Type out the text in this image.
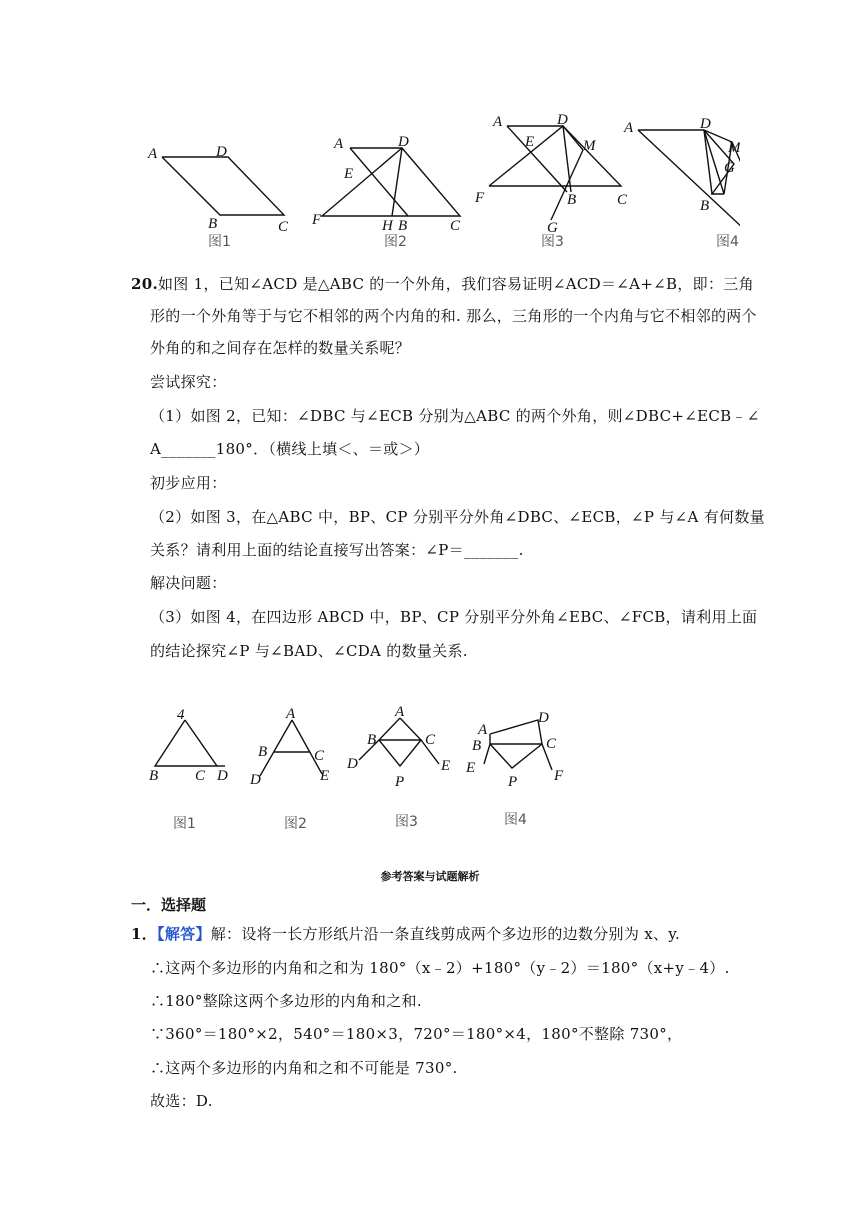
A	D
B	C
图1
A	D
E
F	H B	C
图2
A	D
E	M
F	B	C
G
图3
A	D
M
G
B
图4
20.如图 1，已知∠ACD 是△ABC 的一个外角，我们容易证明∠ACD＝∠A+∠B，即：三角
形的一个外角等于与它不相邻的两个内角的和. 那么，三角形的一个内角与它不相邻的两个
外角的和之间存在怎样的数量关系呢？
尝试探究：
（1）如图 2，已知：∠DBC 与∠ECB 分别为△ABC 的两个外角，则∠DBC+∠ECB﹣∠
A_______180°．（横线上填＜、＝或＞）
初步应用：
（2）如图 3，在△ABC 中，BP、CP 分别平分外角∠DBC、∠ECB，∠P 与∠A 有何数量
关系？请利用上面的结论直接写出答案：∠P＝_______.
解决问题：
（3）如图 4，在四边形 ABCD 中，BP、CP 分别平分外角∠EBC、∠FCB，请利用上面
的结论探究∠P 与∠BAD、∠CDA 的数量关系.
4
B C D
图1
A
B	C
D	E
图2
A
B	C
D	E
P
图3
A
D
B	C
E	F
P
图4
参考答案与试题解析
一．选择题
1．【解答】解：设将一长方形纸片沿一条直线剪成两个多边形的边数分别为 x、y.
∴这两个多边形的内角和之和为 180°（x﹣2）+180°（y﹣2）＝180°（x+y﹣4）.
∴180°整除这两个多边形的内角和之和.
∵360°＝180°×2，540°＝180×3，720°＝180°×4，180°不整除 730°，
∴这两个多边形的内角和之和不可能是 730°.
故选：D.
